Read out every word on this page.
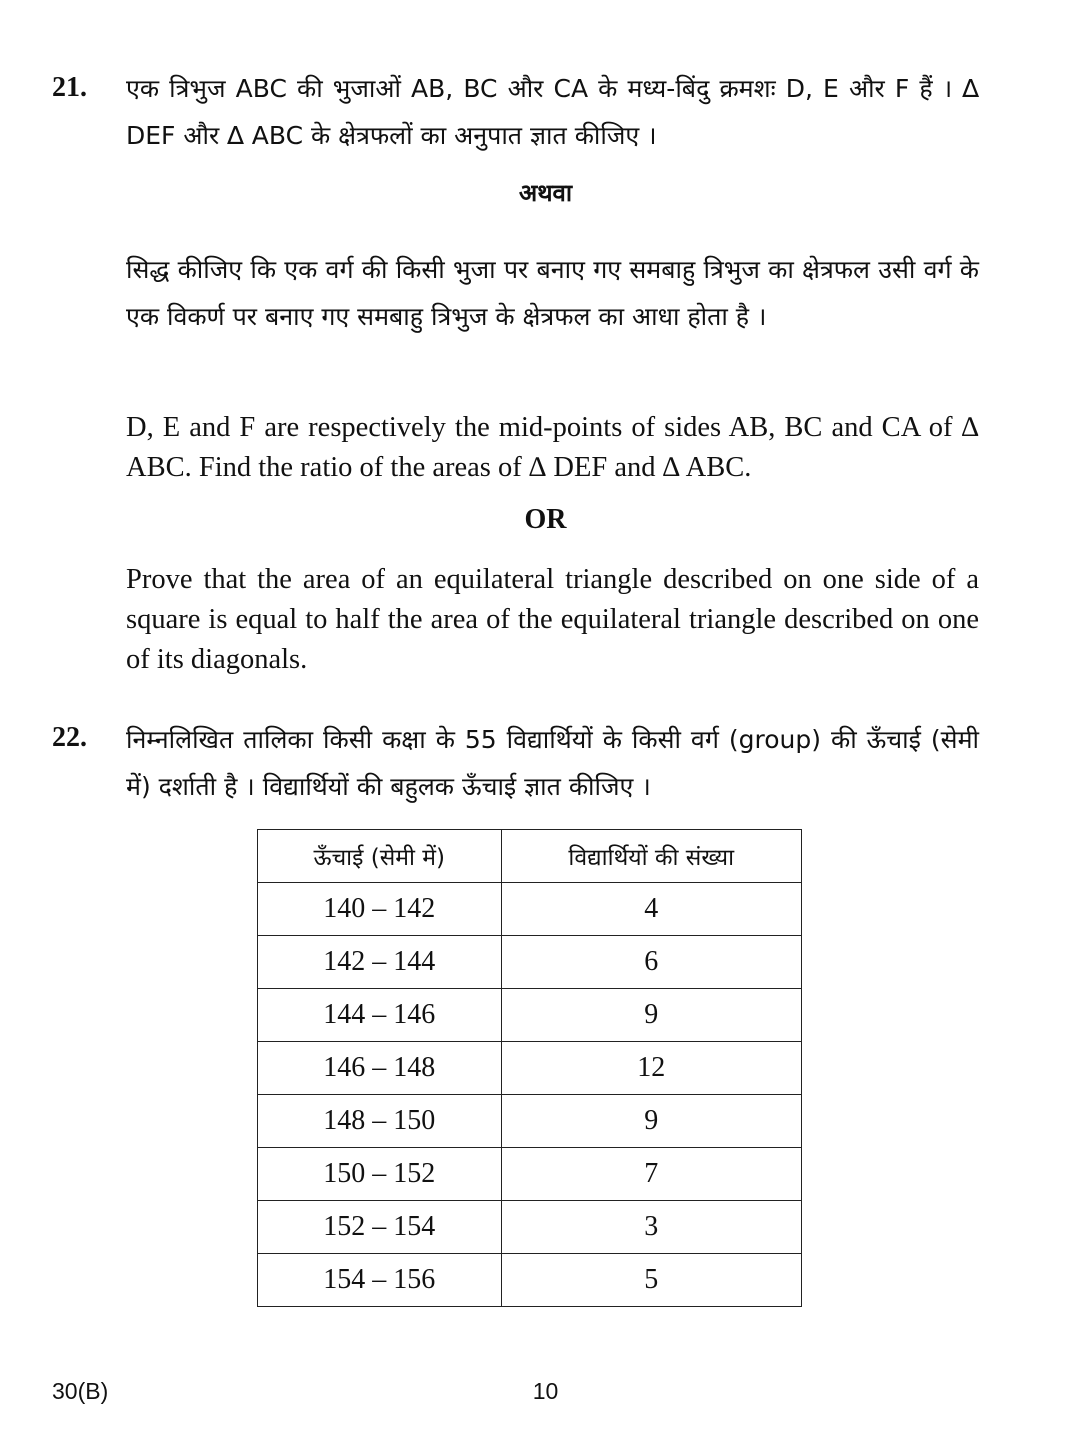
21. एक त्रिभुज ABC की भुजाओं AB, BC और CA के मध्य-बिंदु क्रमशः D, E और F हैं । ∆ DEF और ∆ ABC के क्षेत्रफलों का अनुपात ज्ञात कीजिए ।
अथवा
सिद्ध कीजिए कि एक वर्ग की किसी भुजा पर बनाए गए समबाहु त्रिभुज का क्षेत्रफल उसी वर्ग के एक विकर्ण पर बनाए गए समबाहु त्रिभुज के क्षेत्रफल का आधा होता है ।
D, E and F are respectively the mid-points of sides AB, BC and CA of ∆ ABC. Find the ratio of the areas of ∆ DEF and ∆ ABC.
OR
Prove that the area of an equilateral triangle described on one side of a square is equal to half the area of the equilateral triangle described on one of its diagonals.
22. निम्नलिखित तालिका किसी कक्षा के 55 विद्यार्थियों के किसी वर्ग (group) की ऊँचाई (सेमी में) दर्शाती है । विद्यार्थियों की बहुलक ऊँचाई ज्ञात कीजिए ।
ऊँचाई (सेमी में)	विद्यार्थियों की संख्या
140 – 142	4
142 – 144	6
144 – 146	9
146 – 148	12
148 – 150	9
150 – 152	7
152 – 154	3
154 – 156	5
30(B)	10
